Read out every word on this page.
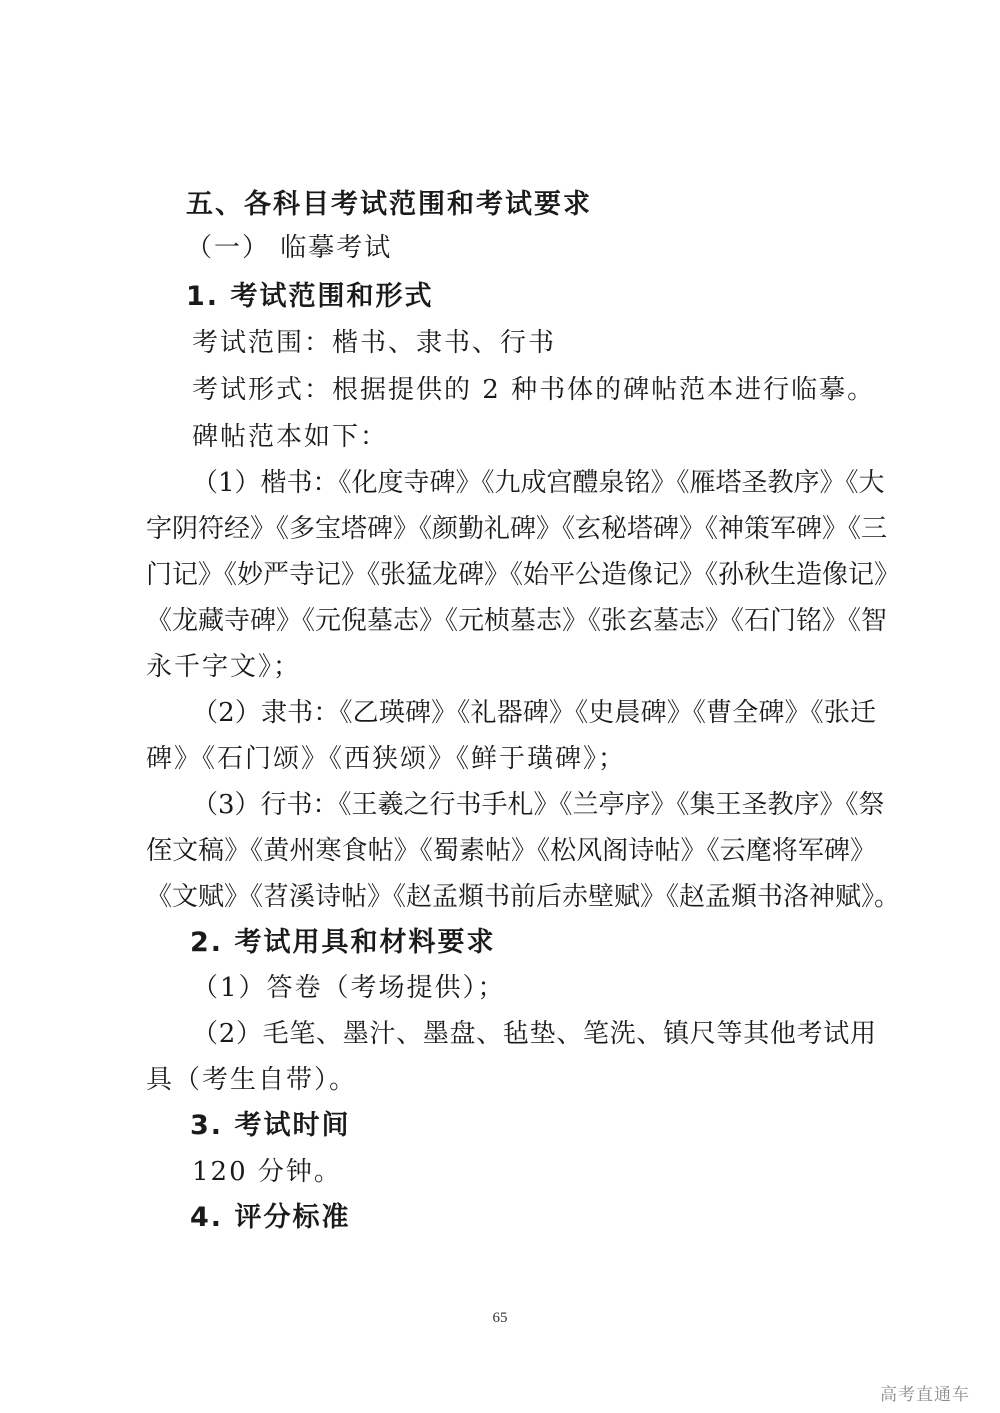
五、各科目考试范围和考试要求
（一） 临摹考试
1. 考试范围和形式
考试范围：楷书、隶书、行书
考试形式：根据提供的 2 种书体的碑帖范本进行临摹。
碑帖范本如下：
（1）楷书：《化度寺碑》《九成宫醴泉铭》《雁塔圣教序》《大
字阴符经》《多宝塔碑》《颜勤礼碑》《玄秘塔碑》《神策军碑》《三
门记》《妙严寺记》《张猛龙碑》《始平公造像记》《孙秋生造像记》
《龙藏寺碑》《元倪墓志》《元桢墓志》《张玄墓志》《石门铭》《智
永千字文》；
（2）隶书：《乙瑛碑》《礼器碑》《史晨碑》《曹全碑》《张迁
碑》《石门颂》《西狭颂》《鲜于璜碑》；
（3）行书：《王羲之行书手札》《兰亭序》《集王圣教序》《祭
侄文稿》《黄州寒食帖》《蜀素帖》《松风阁诗帖》《云麾将军碑》
《文赋》《苕溪诗帖》《赵孟頫书前后赤壁赋》《赵孟頫书洛神赋》。
2. 考试用具和材料要求
（1）答卷（考场提供）；
（2）毛笔、墨汁、墨盘、毡垫、笔洗、镇尺等其他考试用
具（考生自带）。
3. 考试时间
120 分钟。
4. 评分标准
65
高考直通车
